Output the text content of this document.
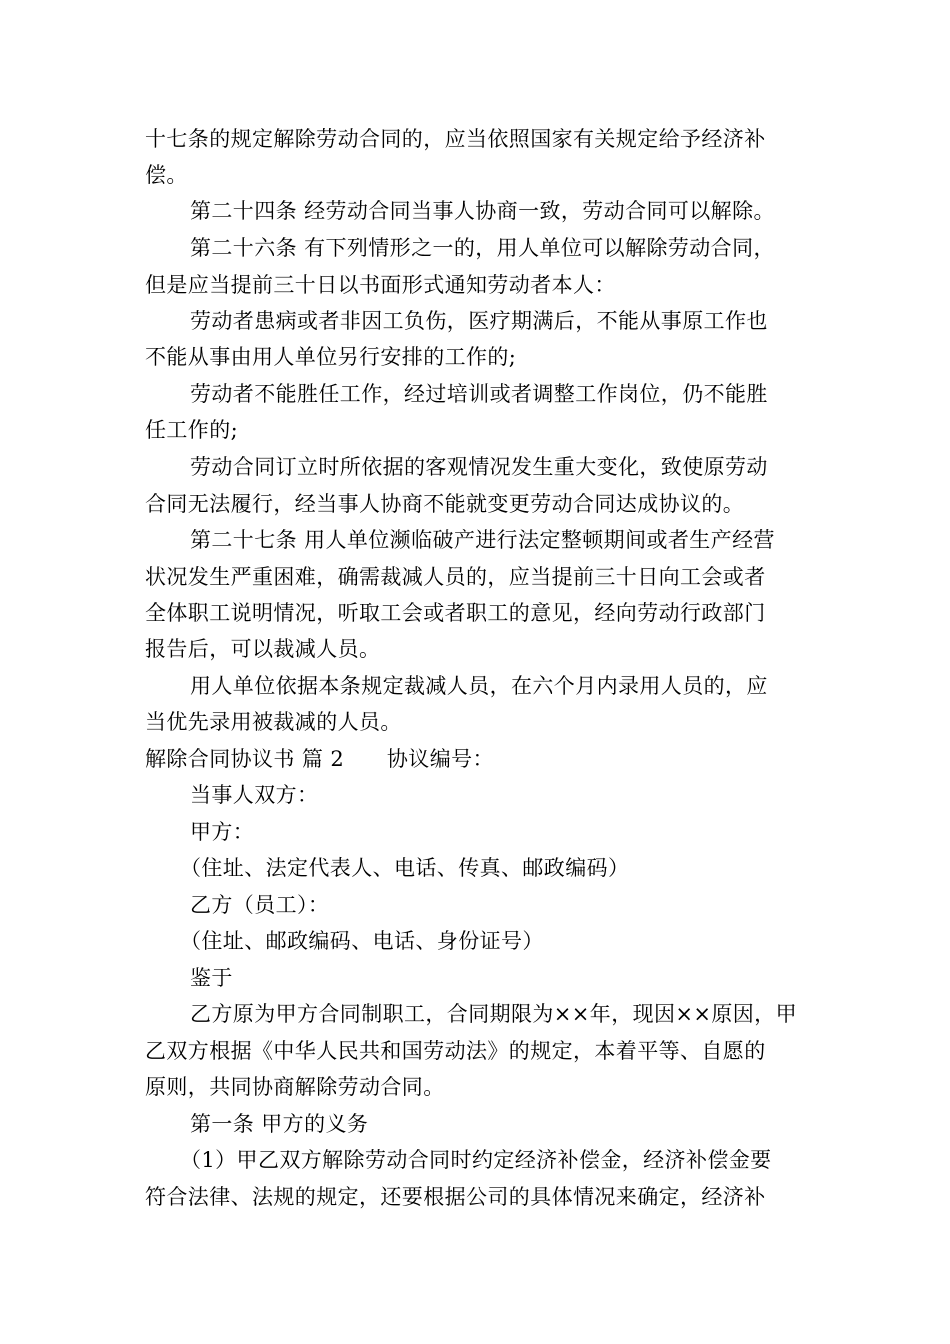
十七条的规定解除劳动合同的，应当依照国家有关规定给予经济补
偿。
第二十四条 经劳动合同当事人协商一致，劳动合同可以解除。
第二十六条 有下列情形之一的，用人单位可以解除劳动合同，
但是应当提前三十日以书面形式通知劳动者本人：
劳动者患病或者非因工负伤，医疗期满后，不能从事原工作也
不能从事由用人单位另行安排的工作的;
劳动者不能胜任工作，经过培训或者调整工作岗位，仍不能胜
任工作的;
劳动合同订立时所依据的客观情况发生重大变化，致使原劳动
合同无法履行，经当事人协商不能就变更劳动合同达成协议的。
第二十七条 用人单位濒临破产进行法定整顿期间或者生产经营
状况发生严重困难，确需裁减人员的，应当提前三十日向工会或者
全体职工说明情况，听取工会或者职工的意见，经向劳动行政部门
报告后，可以裁减人员。
用人单位依据本条规定裁减人员，在六个月内录用人员的，应
当优先录用被裁减的人员。
解除合同协议书 篇 2　　协议编号：
当事人双方：
甲方：
（住址、法定代表人、电话、传真、邮政编码）
乙方（员工）：
（住址、邮政编码、电话、身份证号）
鉴于
乙方原为甲方合同制职工，合同期限为××年，现因××原因，甲
乙双方根据《中华人民共和国劳动法》的规定，本着平等、自愿的
原则，共同协商解除劳动合同。
第一条 甲方的义务
（1）甲乙双方解除劳动合同时约定经济补偿金，经济补偿金要
符合法律、法规的规定，还要根据公司的具体情况来确定，经济补
